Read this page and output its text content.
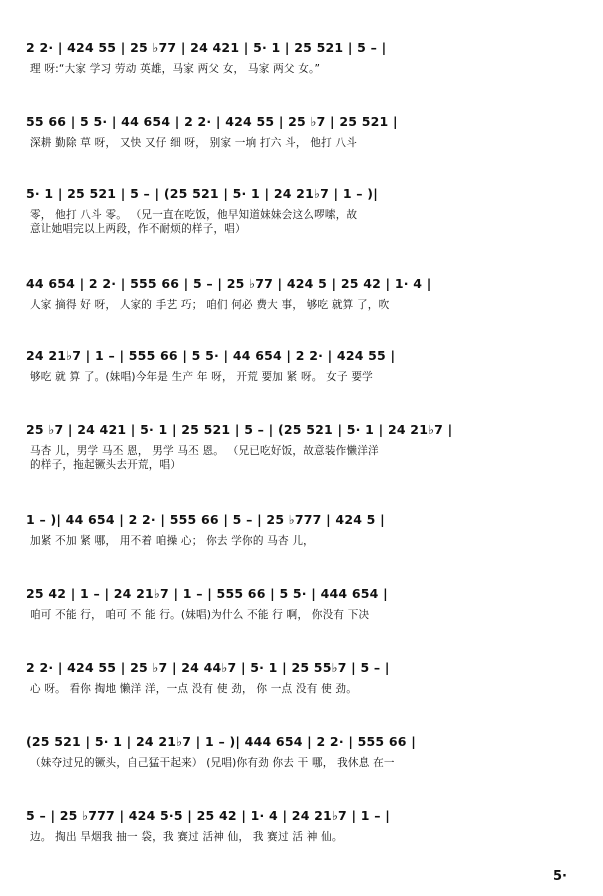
2 2· | 424 55 | 25 ♭77 | 24 421 | 5· 1 | 25 521 | 5 – |
理 呀:“大家 学习 劳动 英雄，马家 两父 女， 马家 两父 女。”
55 66 | 5 5· | 44 654 | 2 2· | 424 55 | 25 ♭7 | 25 521 |
深耕 勤除 草 呀， 又快 又仔 细 呀， 别家 一垧 打六 斗， 他打 八斗
5· 1 | 25 521 | 5 – | (25 521 | 5· 1 | 24 21♭7 | 1 – )|
零， 他打 八斗 零。 （兄一直在吃饭，他早知道妹妹会这么啰嗦，故
意让她唱完以上两段，作不耐烦的样子，唱）
44 654 | 2 2· | 555 66 | 5 – | 25 ♭77 | 424 5 | 25 42 | 1· 4 |
人家 摘得 好 呀， 人家的 手艺 巧； 咱们 何必 费大 事， 够吃 就算 了，吹
24 21♭7 | 1 – | 555 66 | 5 5· | 44 654 | 2 2· | 424 55 |
够吃 就 算 了。(妹唱)今年是 生产 年 呀， 开荒 要加 紧 呀。 女子 要学
25 ♭7 | 24 421 | 5· 1 | 25 521 | 5 – | (25 521 | 5· 1 | 24 21♭7 |
马杏 儿，男学 马丕 恩， 男学 马丕 恩。 （兄已吃好饭，故意装作懒洋洋
的样子，拖起镢头去开荒，唱）
1 – )| 44 654 | 2 2· | 555 66 | 5 – | 25 ♭777 | 424 5 |
加紧 不加 紧 哪， 用不着 咱操 心； 你去 学你的 马杏 儿，
25 42 | 1 – | 24 21♭7 | 1 – | 555 66 | 5 5· | 444 654 |
咱可 不能 行， 咱可 不 能 行。(妹唱)为什么 不能 行 啊， 你没有 下决
2 2· | 424 55 | 25 ♭7 | 24 44♭7 | 5· 1 | 25 55♭7 | 5 – |
心 呀。 看你 掏地 懒洋 洋，一点 没有 使 劲， 你 一点 没有 使 劲。
(25 521 | 5· 1 | 24 21♭7 | 1 – )| 444 654 | 2 2· | 555 66 |
（妹夺过兄的镢头，自己猛干起来） (兄唱)你有劲 你去 干 哪， 我休息 在一
5 – | 25 ♭777 | 424 5·5 | 25 42 | 1· 4 | 24 21♭7 | 1 – |
边。 掏出 旱烟我 抽一 袋，我 赛过 活神 仙， 我 赛过 活 神 仙。
5·
